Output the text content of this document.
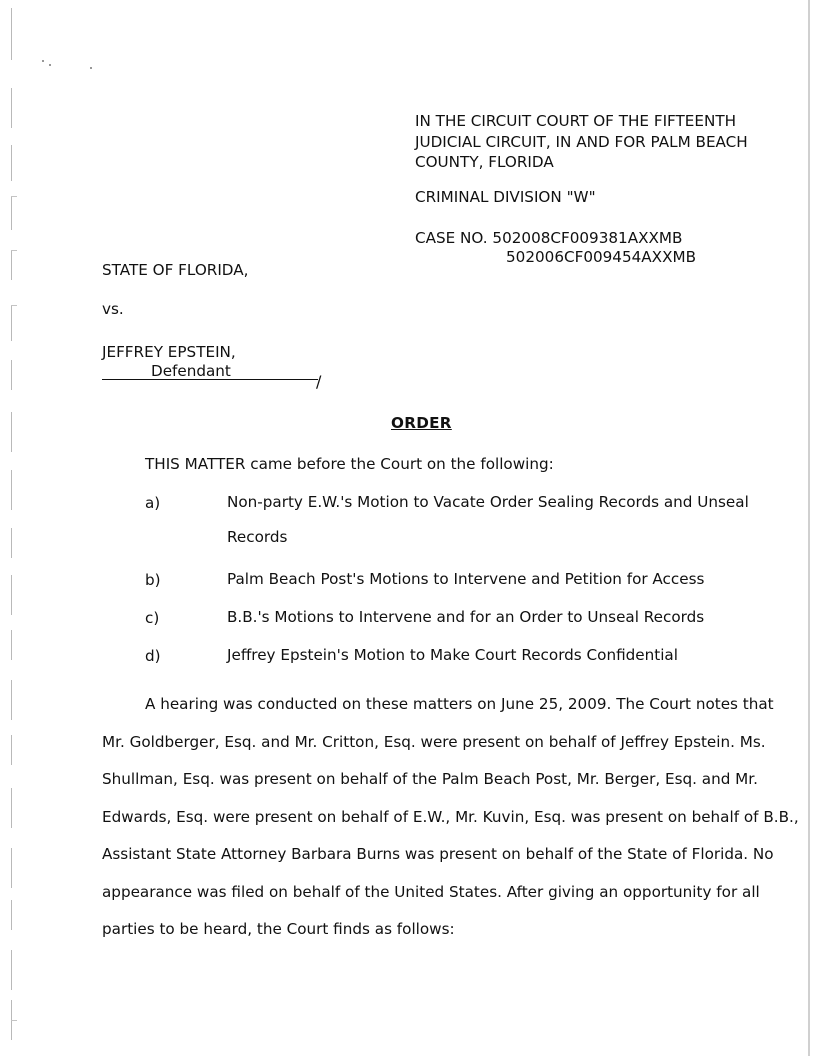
IN THE CIRCUIT COURT OF THE FIFTEENTH
JUDICIAL CIRCUIT, IN AND FOR PALM BEACH
COUNTY, FLORIDA
CRIMINAL DIVISION "W"
CASE NO. 502008CF009381AXXMB
502006CF009454AXXMB
STATE OF FLORIDA,
vs.
JEFFREY EPSTEIN,
Defendant
/
ORDER
THIS MATTER came before the Court on the following:
a)	Non-party E.W.'s Motion to Vacate Order Sealing Records and Unseal
Records
b)	Palm Beach Post's Motions to Intervene and Petition for Access
c)	B.B.'s Motions to Intervene and for an Order to Unseal Records
d)	Jeffrey Epstein's Motion to Make Court Records Confidential
A hearing was conducted on these matters on June 25, 2009. The Court notes that
Mr. Goldberger, Esq. and Mr. Critton, Esq. were present on behalf of Jeffrey Epstein. Ms.
Shullman, Esq. was present on behalf of the Palm Beach Post, Mr. Berger, Esq. and Mr.
Edwards, Esq. were present on behalf of E.W., Mr. Kuvin, Esq. was present on behalf of B.B.,
Assistant State Attorney Barbara Burns was present on behalf of the State of Florida. No
appearance was filed on behalf of the United States. After giving an opportunity for all
parties to be heard, the Court finds as follows:
